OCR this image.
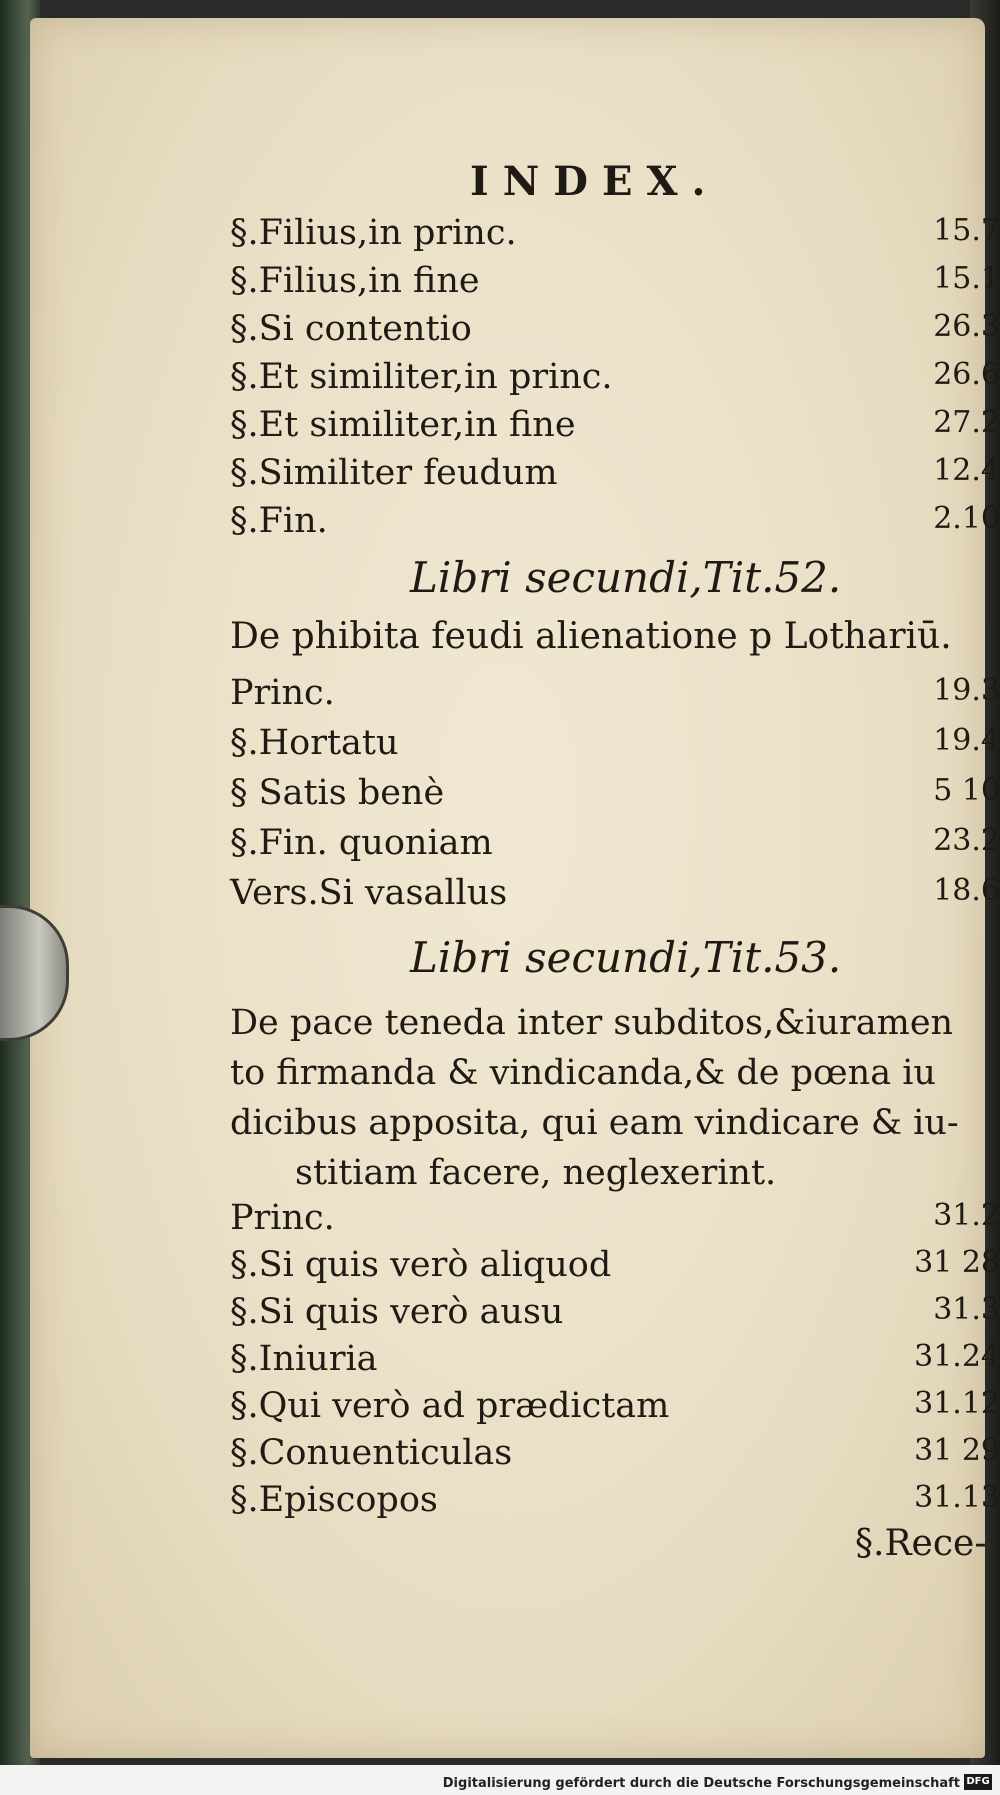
INDEX.
§.Filius,in princ.	15.7
§.Filius,in fine	15.1
§.Si contentio	26.3
§.Et similiter,in princ.	26.6
§.Et similiter,in fine	27.2
§.Similiter feudum	12.4
§.Fin.	2.10
Libri secundi,Tit.52.
De phibita feudi alienatione p Lothariū.
Princ.	19.3
§.Hortatu	19.4
§ Satis benè	5 10
§.Fin. quoniam	23.2
Vers.Si vasallus	18.6
Libri secundi,Tit.53.
De pace teneda inter subditos,&iuramen
to firmanda & vindicanda,& de pœna iu
dicibus apposita, qui eam vindicare & iu-
stitiam facere, neglexerint.
Princ.	31.2
§.Si quis verò aliquod	31 28
§.Si quis verò ausu	31.3
§.Iniuria	31.24
§.Qui verò ad prædictam	31.12
§.Conuenticulas	31 29
§.Episcopos	31.13
§.Rece-
Digitalisierung gefördert durch die Deutsche Forschungsgemeinschaft DFG
